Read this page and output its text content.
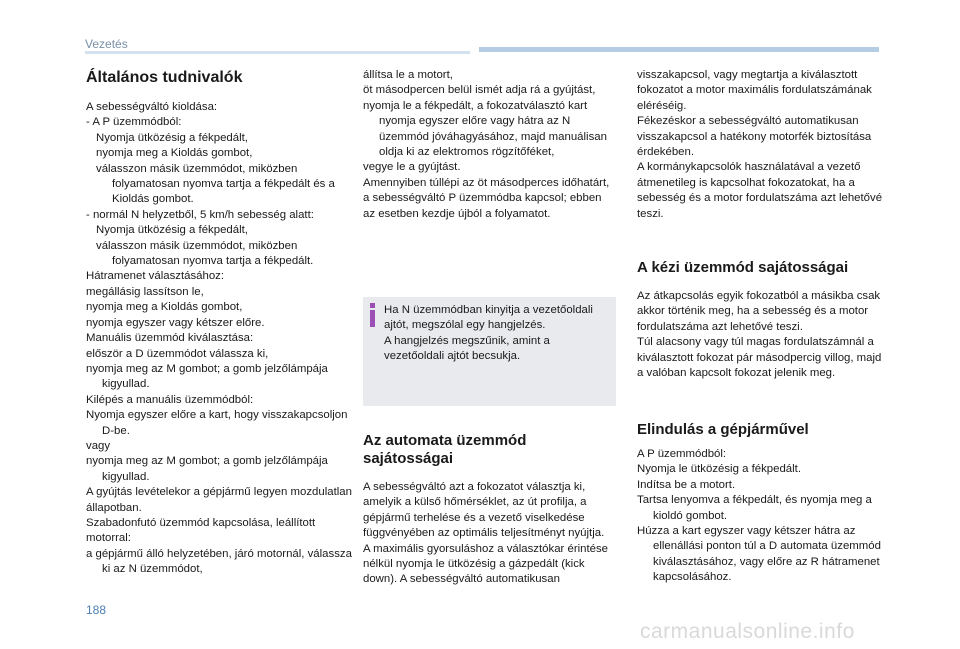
Vezetés
Általános tudnivalók

A sebességváltó kioldása:

- A P üzemmódból:

Nyomja ütközésig a fékpedált,

nyomja meg a Kioldás gombot,

válasszon másik üzemmódot, miközben folyamatosan nyomva tartja a fékpedált és a Kioldás gombot.

- normál N helyzetből, 5 km/h sebesség alatt:

Nyomja ütközésig a fékpedált,

válasszon másik üzemmódot, miközben folyamatosan nyomva tartja a fékpedált.

Hátramenet választásához:

megállásig lassítson le,

nyomja meg a Kioldás gombot,

nyomja egyszer vagy kétszer előre.

Manuális üzemmód kiválasztása:

először a D üzemmódot válassza ki,

nyomja meg az M gombot; a gomb jelzőlámpája kigyullad.

Kilépés a manuális üzemmódból:

Nyomja egyszer előre a kart, hogy visszakapcsoljon D-be.

vagy

nyomja meg az M gombot; a gomb jelzőlámpája kigyullad.

A gyújtás levételekor a gépjármű legyen mozdulatlan állapotban.

Szabadonfutó üzemmód kapcsolása, leállított motorral:

a gépjármű álló helyzetében, járó motornál, válassza ki az N üzemmódot,

állítsa le a motort,

öt másodpercen belül ismét adja rá a gyújtást,

nyomja le a fékpedált, a fokozatválasztó kart nyomja egyszer előre vagy hátra az N üzemmód jóváhagyásához, majd manuálisan oldja ki az elektromos rögzítőféket,

vegye le a gyújtást.

Amennyiben túllépi az öt másodperces időhatárt, a sebességváltó P üzemmódba kapcsol; ebben az esetben kezdje újból a folyamatot.

Ha N üzemmódban kinyitja a vezetőoldali ajtót, megszólal egy hangjelzés.

A hangjelzés megszűnik, amint a vezetőoldali ajtót becsukja.

Az automata üzemmód sajátosságai

A sebességváltó azt a fokozatot választja ki, amelyik a külső hőmérséklet, az út profilja, a gépjármű terhelése és a vezető viselkedése függvényében az optimális teljesítményt nyújtja.

A maximális gyorsuláshoz a választókar érintése nélkül nyomja le ütközésig a gázpedált (kick down). A sebességváltó automatikusan

visszakapcsol, vagy megtartja a kiválasztott fokozatot a motor maximális fordulatszámának eléréséig.

Fékezéskor a sebességváltó automatikusan visszakapcsol a hatékony motorfék biztosítása érdekében.

A kormánykapcsolók használatával a vezető átmenetileg is kapcsolhat fokozatokat, ha a sebesség és a motor fordulatszáma azt lehetővé teszi.

A kézi üzemmód sajátosságai

Az átkapcsolás egyik fokozatból a másikba csak akkor történik meg, ha a sebesség és a motor fordulatszáma azt lehetővé teszi.

Túl alacsony vagy túl magas fordulatszámnál a kiválasztott fokozat pár másodpercig villog, majd a valóban kapcsolt fokozat jelenik meg.

Elindulás a gépjárművel

A P üzemmódból:

Nyomja le ütközésig a fékpedált.

Indítsa be a motort.

Tartsa lenyomva a fékpedált, és nyomja meg a kioldó gombot.

Húzza a kart egyszer vagy kétszer hátra az ellenállási ponton túl a D automata üzemmód kiválasztásához, vagy előre az R hátramenet kapcsolásához.

188
carmanualsonline.info
